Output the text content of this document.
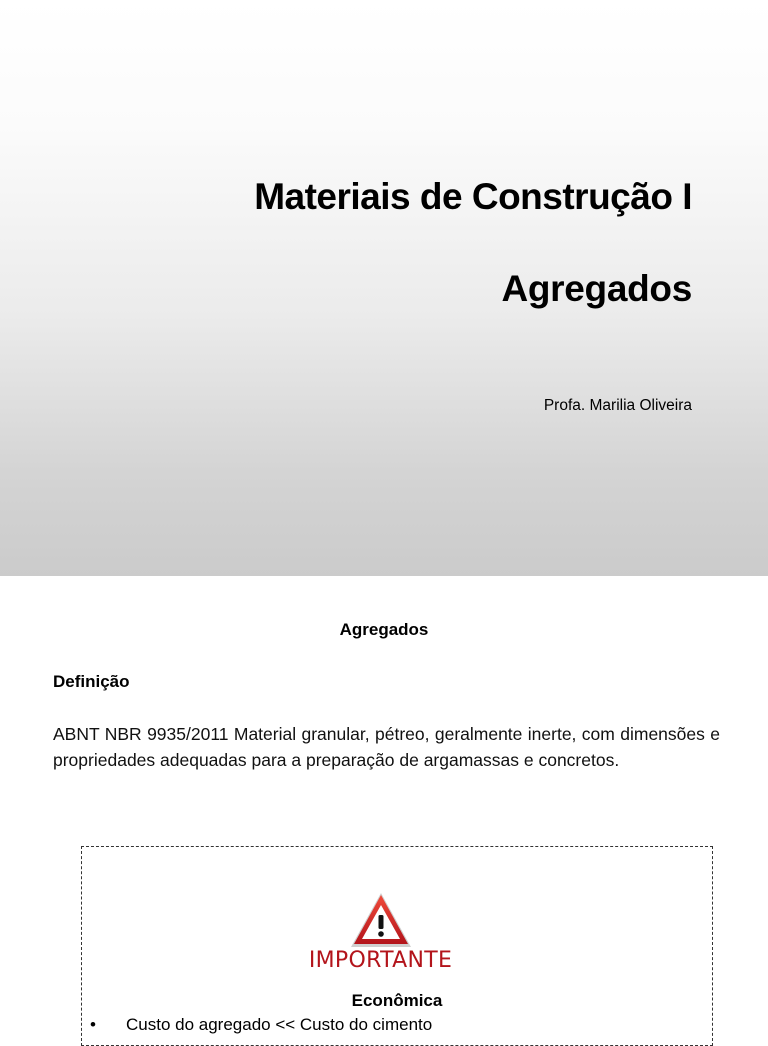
Materiais de Construção I
Agregados
Profa. Marilia Oliveira
Agregados
Definição
ABNT NBR 9935/2011 Material granular, pétreo, geralmente inerte, com dimensões e propriedades adequadas para a preparação de argamassas e concretos.
IMPORTANTE
Econômica
• Custo do agregado << Custo do cimento
